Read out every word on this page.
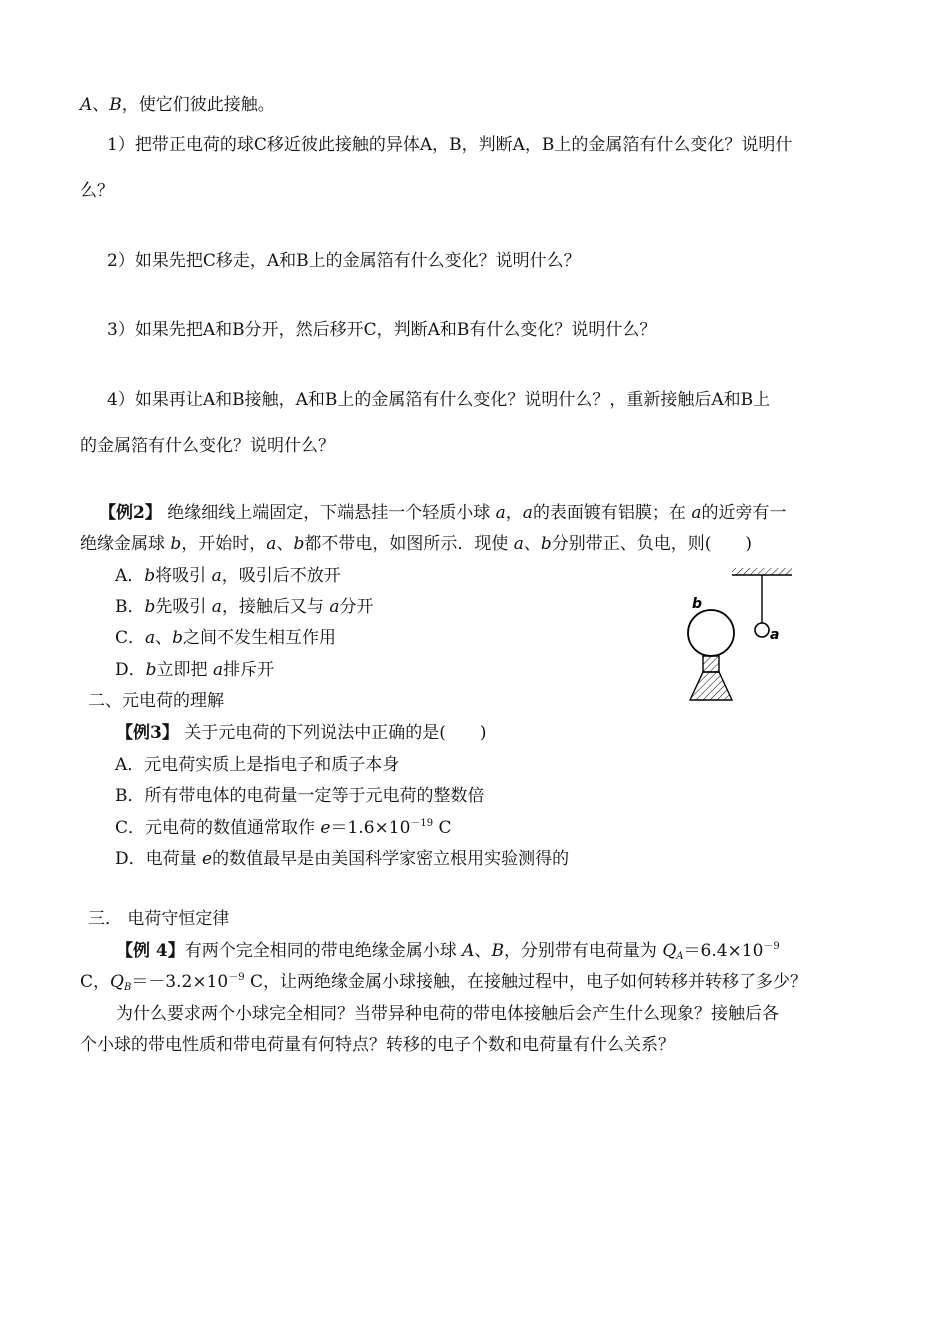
A、B，使它们彼此接触。
1）把带正电荷的球C移近彼此接触的异体A，B，判断A，B上的金属箔有什么变化？说明什
么？
2）如果先把C移走，A和B上的金属箔有什么变化？说明什么？
3）如果先把A和B分开，然后移开C，判断A和B有什么变化？说明什么？
4）如果再让A和B接触，A和B上的金属箔有什么变化？说明什么？，重新接触后A和B上
的金属箔有什么变化？说明什么？
【例2】 绝缘细线上端固定，下端悬挂一个轻质小球 a，a的表面镀有铝膜；在 a的近旁有一
绝缘金属球 b，开始时，a、b都不带电，如图所示．现使 a、b分别带正、负电，则(　　)
A．b将吸引 a，吸引后不放开
B．b先吸引 a，接触后又与 a分开
C．a、b之间不发生相互作用
D．b立即把 a排斥开
a
b
二、元电荷的理解
【例3】 关于元电荷的下列说法中正确的是(　　)
A．元电荷实质上是指电子和质子本身
B．所有带电体的电荷量一定等于元电荷的整数倍
C．元电荷的数值通常取作 $e=1.6\times 10^{-19}$ C
D．电荷量 e的数值最早是由美国科学家密立根用实验测得的
三． 电荷守恒定律
【例 4】有两个完全相同的带电绝缘金属小球 A、B，分别带有电荷量为 $Q_A=6.4\times 10^{-9}$
C，$Q_B=-3.2\times 10^{-9}$ C，让两绝缘金属小球接触，在接触过程中，电子如何转移并转移了多少？
为什么要求两个小球完全相同？当带异种电荷的带电体接触后会产生什么现象？接触后各
个小球的带电性质和带电荷量有何特点？转移的电子个数和电荷量有什么关系？
